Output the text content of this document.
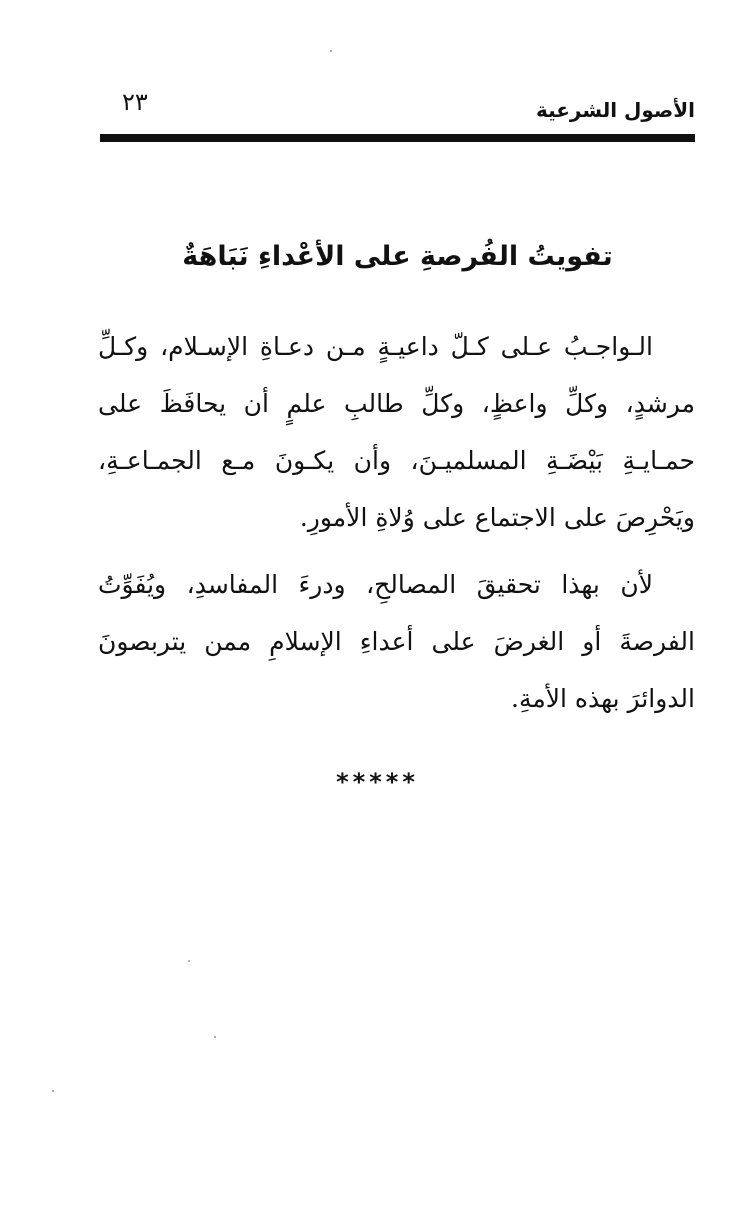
الأصول الشرعية
٢٣
تفويتُ الفُرصةِ على الأعْداءِ نَبَاهَةٌ

الـواجـبُ عـلى كـلّ داعيـةٍ مـن دعـاةِ الإسـلام، وكـلِّ مرشدٍ، وكلِّ واعظٍ، وكلِّ طالبِ علمٍ أن يحافَظَ على حمـايـةِ بَيْضَـةِ المسلميـنَ، وأن يكـونَ مـع الجمـاعـةِ، ويَحْرِصَ على الاجتماع على وُلاةِ الأمورِ.

لأن بهذا تحقيقَ المصالحِ، ودرءَ المفاسدِ، ويُفَوِّتُ الفرصةَ أو الغرضَ على أعداءِ الإسلامِ ممن يتربصونَ الدوائرَ بهذه الأمةِ.

*****
